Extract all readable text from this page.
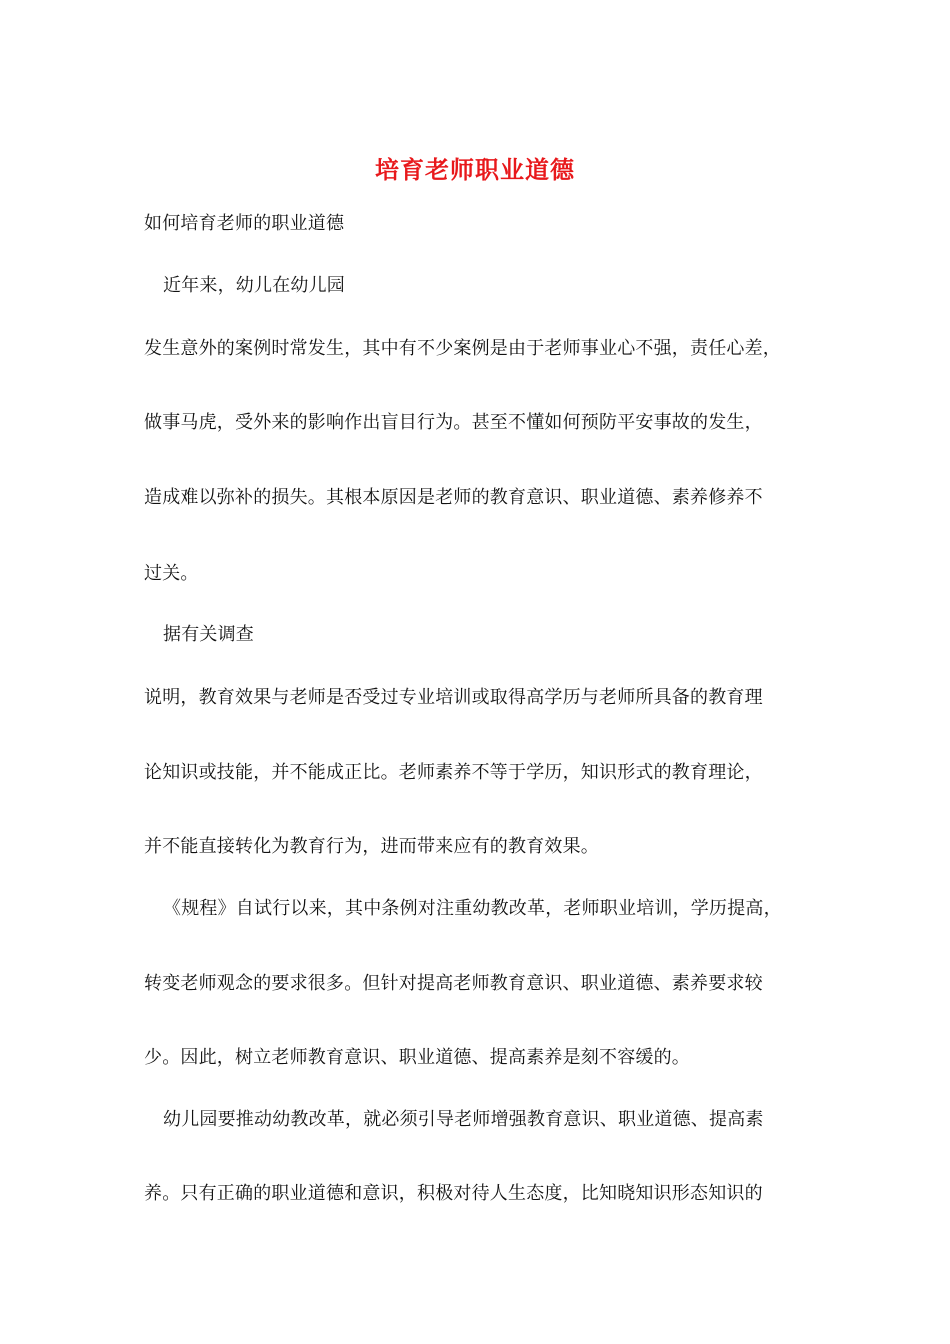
培育老师职业道德
如何培育老师的职业道德
近年来，幼儿在幼儿园
发生意外的案例时常发生，其中有不少案例是由于老师事业心不强，责任心差，
做事马虎，受外来的影响作出盲目行为。甚至不懂如何预防平安事故的发生，
造成难以弥补的损失。其根本原因是老师的教育意识、职业道德、素养修养不
过关。
据有关调查
说明，教育效果与老师是否受过专业培训或取得高学历与老师所具备的教育理
论知识或技能，并不能成正比。老师素养不等于学历，知识形式的教育理论，
并不能直接转化为教育行为，进而带来应有的教育效果。
《规程》自试行以来，其中条例对注重幼教改革，老师职业培训，学历提高，
转变老师观念的要求很多。但针对提高老师教育意识、职业道德、素养要求较
少。因此，树立老师教育意识、职业道德、提高素养是刻不容缓的。
幼儿园要推动幼教改革，就必须引导老师增强教育意识、职业道德、提高素
养。只有正确的职业道德和意识，积极对待人生态度，比知晓知识形态知识的
